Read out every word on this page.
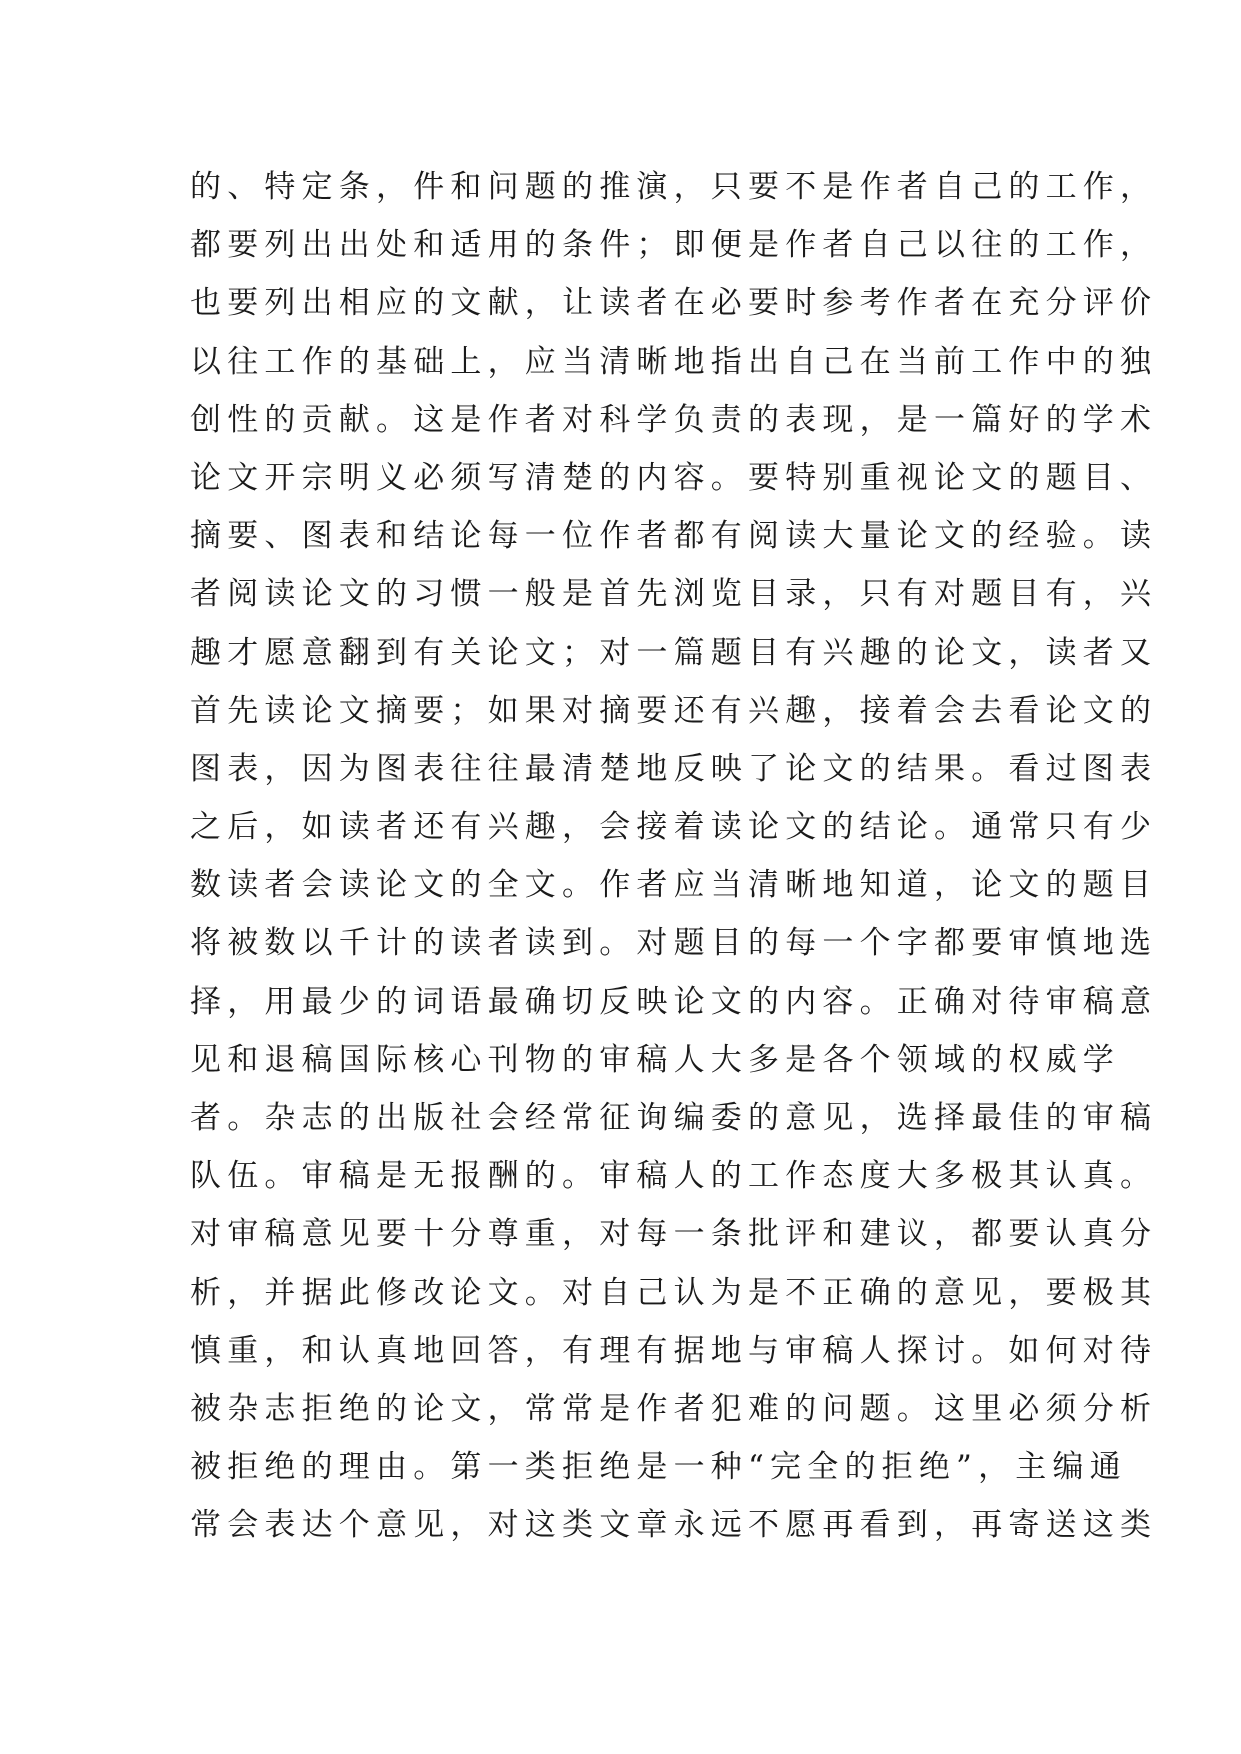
的、特定条，件和问题的推演，只要不是作者自己的工作，
都要列出出处和适用的条件；即便是作者自己以往的工作，
也要列出相应的文献，让读者在必要时参考作者在充分评价
以往工作的基础上，应当清晰地指出自己在当前工作中的独
创性的贡献。这是作者对科学负责的表现，是一篇好的学术
论文开宗明义必须写清楚的内容。要特别重视论文的题目、
摘要、图表和结论每一位作者都有阅读大量论文的经验。读
者阅读论文的习惯一般是首先浏览目录，只有对题目有，兴
趣才愿意翻到有关论文；对一篇题目有兴趣的论文，读者又
首先读论文摘要；如果对摘要还有兴趣，接着会去看论文的
图表，因为图表往往最清楚地反映了论文的结果。看过图表
之后，如读者还有兴趣，会接着读论文的结论。通常只有少
数读者会读论文的全文。作者应当清晰地知道，论文的题目
将被数以千计的读者读到。对题目的每一个字都要审慎地选
择，用最少的词语最确切反映论文的内容。正确对待审稿意
见和退稿国际核心刊物的审稿人大多是各个领域的权威学
者。杂志的出版社会经常征询编委的意见，选择最佳的审稿
队伍。审稿是无报酬的。审稿人的工作态度大多极其认真。
对审稿意见要十分尊重，对每一条批评和建议，都要认真分
析，并据此修改论文。对自己认为是不正确的意见，要极其
慎重，和认真地回答，有理有据地与审稿人探讨。如何对待
被杂志拒绝的论文，常常是作者犯难的问题。这里必须分析
被拒绝的理由。第一类拒绝是一种“完全的拒绝”，主编通
常会表达个意见，对这类文章永远不愿再看到，再寄送这类
